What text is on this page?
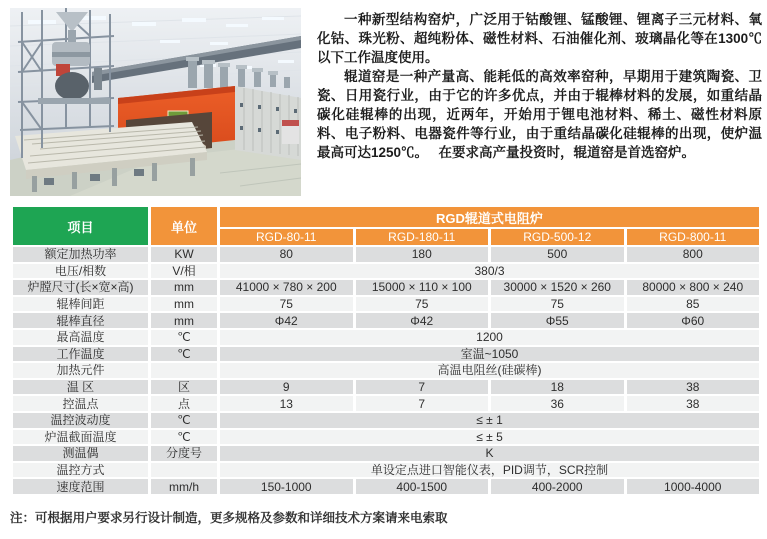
一种新型结构窑炉，广泛用于钴酸锂、锰酸锂、锂离子三元材料、氧化钴、珠光粉、超纯粉体、磁性材料、石油催化剂、玻璃晶化等在1300℃以下工作温度使用。

辊道窑是一种产量高、能耗低的高效率窑种，早期用于建筑陶瓷、卫瓷、日用瓷行业，由于它的许多优点，并由于辊棒材料的发展，如重结晶碳化硅辊棒的出现，近两年，开始用于锂电池材料、稀土、磁性材料原料、电子粉料、电器瓷件等行业，由于重结晶碳化硅辊棒的出现，使炉温最高可达1250℃。　 在要求高产量投资时，辊道窑是首选窑炉。

项目	单位	RGD辊道式电阻炉			
		RGD-80-11	RGD-180-11	RGD-500-12	RGD-800-11
额定加热功率	KW	80	180	500	800
电压/相数	V/相	380/3			
炉膛尺寸(长×宽×高)	mm	41000 × 780 × 200	15000 × 110 × 100	30000 × 1520 × 260	80000 × 800 × 240
辊棒间距	mm	75	75	75	85
辊棒直径	mm	Φ42	Φ42	Φ55	Φ60
最高温度	℃	1200			
工作温度	℃	室温~1050			
加热元件		高温电阻丝(硅碳棒)			
温 区	区	9	7	18	38
控温点	点	13	7	36	38
温控波动度	℃	≤ ± 1			
炉温截面温度	℃	≤ ± 5			
测温偶	分度号	K			
温控方式		单设定点进口智能仪表，PID调节，SCR控制			
速度范围	mm/h	150-1000	400-1500	400-2000	1000-4000
注：可根据用户要求另行设计制造，更多规格及参数和详细技术方案请来电索取
